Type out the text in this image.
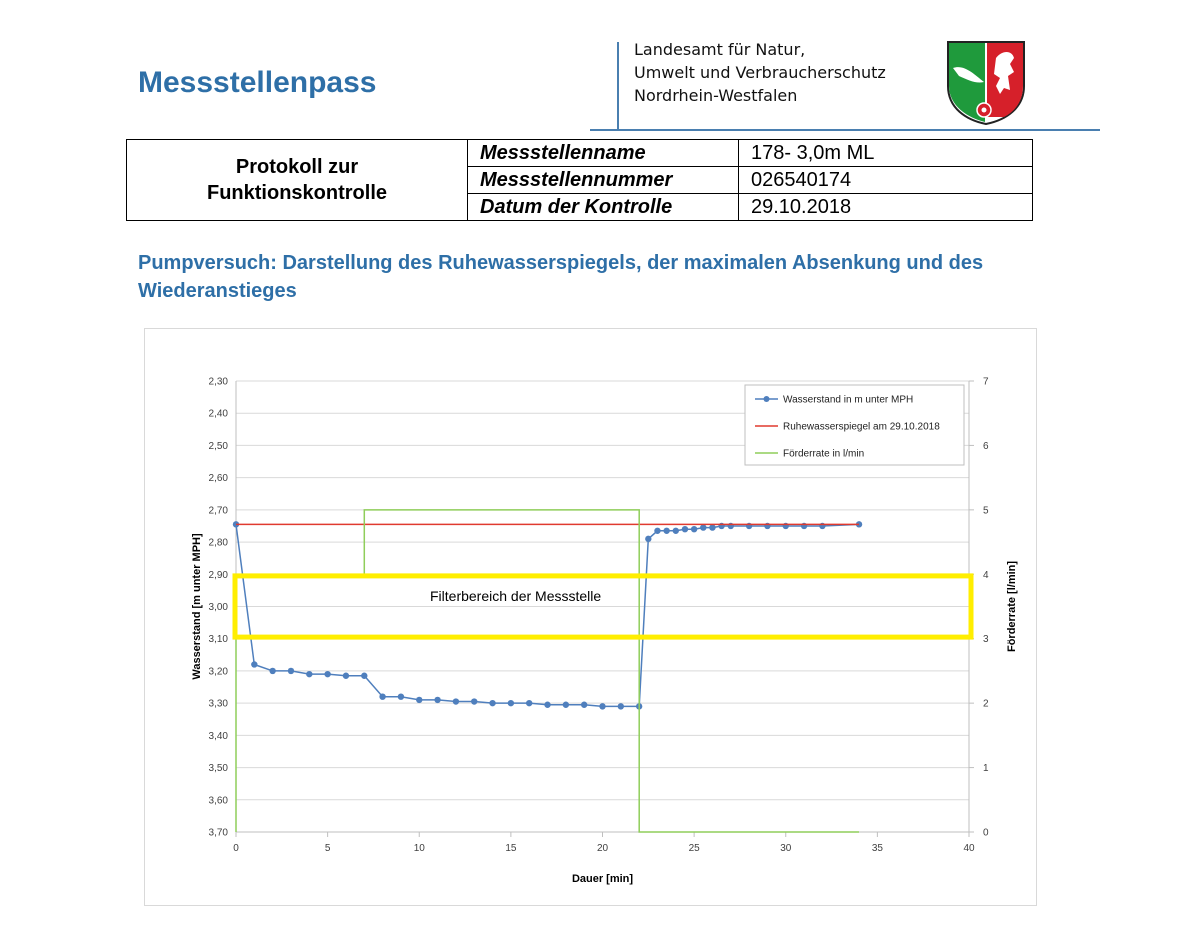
Messstellenpass
Landesamt für Natur,
Umwelt und Verbraucherschutz
Nordrhein-Westfalen
Protokoll zur
Funktionskontrolle	Messstellenname	178- 3,0m ML
	Messstellennummer	026540174
	Datum der Kontrolle	29.10.2018
Pumpversuch: Darstellung des Ruhewasserspiegels, der maximalen Absenkung und des Wiederanstieges
2,30
2,40
2,50
2,60
2,70
2,80
2,90
3,00
3,10
3,20
3,30
3,40
3,50
3,60
3,70	0
1
2
3
4
5
6
7
0	5	10	15	20	25	30	35	40
Dauer [min]
Wasserstand [m unter MPH]	Förderrate [l/min]
Filterbereich der Messstelle
Wasserstand in m unter MPH
Ruhewasserspiegel am 29.10.2018
Förderrate in l/min
